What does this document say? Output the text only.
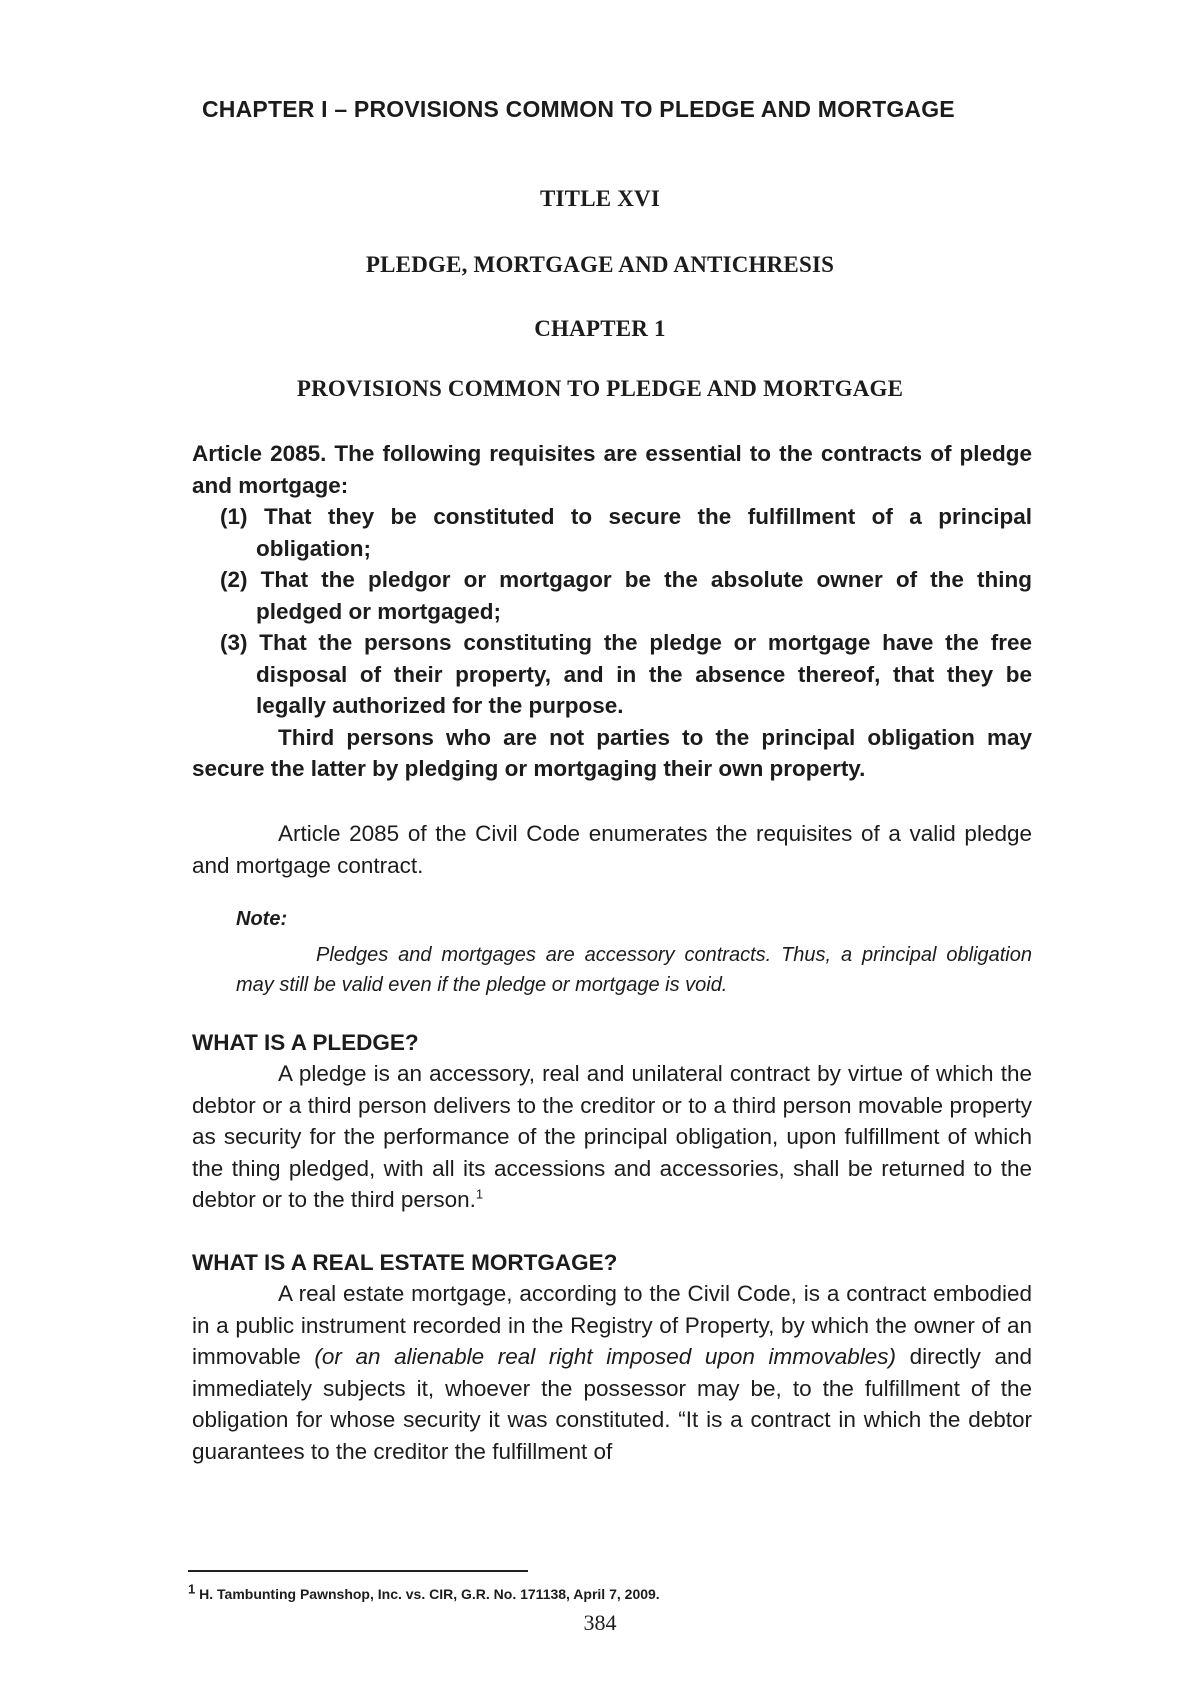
CHAPTER I – PROVISIONS COMMON TO PLEDGE AND MORTGAGE
TITLE XVI
PLEDGE, MORTGAGE AND ANTICHRESIS
CHAPTER 1
PROVISIONS COMMON TO PLEDGE AND MORTGAGE
Article 2085. The following requisites are essential to the contracts of pledge and mortgage:
(1) That they be constituted to secure the fulfillment of a principal obligation;
(2) That the pledgor or mortgagor be the absolute owner of the thing pledged or mortgaged;
(3) That the persons constituting the pledge or mortgage have the free disposal of their property, and in the absence thereof, that they be legally authorized for the purpose.
Third persons who are not parties to the principal obligation may secure the latter by pledging or mortgaging their own property.
Article 2085 of the Civil Code enumerates the requisites of a valid pledge and mortgage contract.
Note:
Pledges and mortgages are accessory contracts. Thus, a principal obligation may still be valid even if the pledge or mortgage is void.
WHAT IS A PLEDGE?
A pledge is an accessory, real and unilateral contract by virtue of which the debtor or a third person delivers to the creditor or to a third person movable property as security for the performance of the principal obligation, upon fulfillment of which the thing pledged, with all its accessions and accessories, shall be returned to the debtor or to the third person.$^1$
WHAT IS A REAL ESTATE MORTGAGE?
A real estate mortgage, according to the Civil Code, is a contract embodied in a public instrument recorded in the Registry of Property, by which the owner of an immovable (or an alienable real right imposed upon immovables) directly and immediately subjects it, whoever the possessor may be, to the fulfillment of the obligation for whose security it was constituted. “It is a contract in which the debtor guarantees to the creditor the fulfillment of
$^1$ H. Tambunting Pawnshop, Inc. vs. CIR, G.R. No. 171138, April 7, 2009.
384
